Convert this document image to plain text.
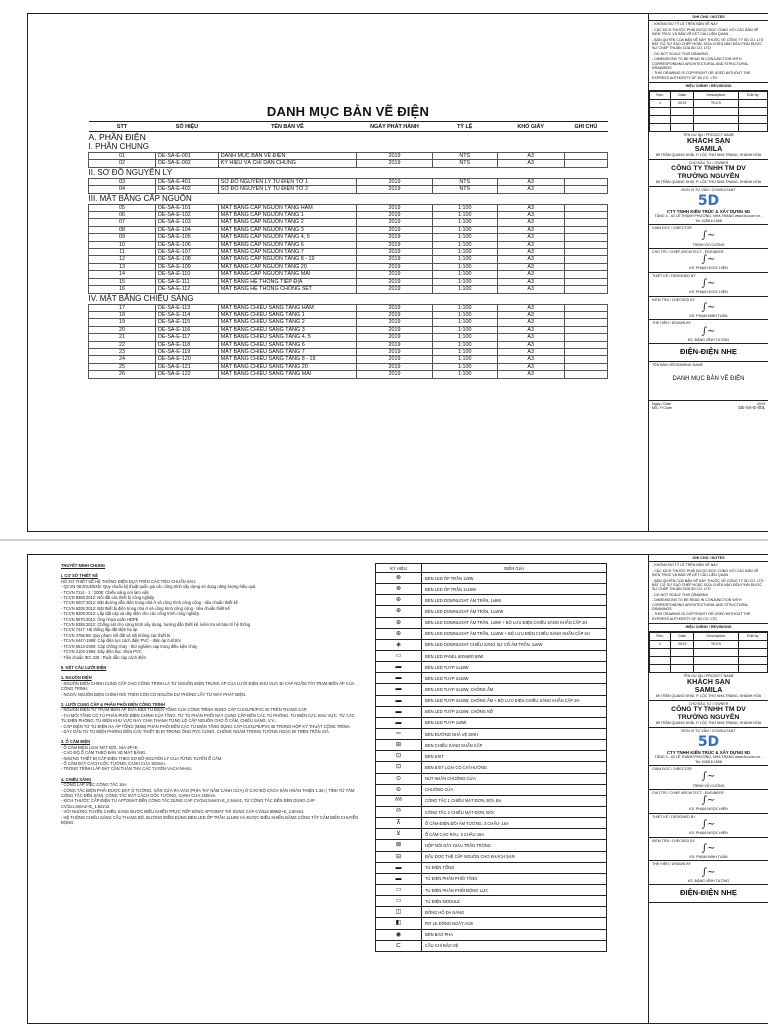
DANH MỤC BẢN VẼ ĐIỆN
STT	SỐ HIỆU	TÊN BẢN VẼ	NGÀY PHÁT HÀNH	TỶ LỆ	KHỔ GIẤY	GHI CHÚ
A. PHẦN ĐIỆN						
I. PHẦN CHUNG						
01	DE-SA-E-001	DANH MỤC BẢN VẼ ĐIỆN	2019	NTS	A3	
02	DE-SA-E-002	KÝ HIỆU VÀ CHỈ DẪN CHUNG	2019	NTS	A3	
II. SƠ ĐỒ NGUYÊN LÝ						
03	DE-SA-E-401	SƠ ĐỒ NGUYÊN LÝ TỦ ĐIỆN TỜ 1	2019	NTS	A3	
04	DE-SA-E-402	SƠ ĐỒ NGUYÊN LÝ TỦ ĐIỆN TỜ 2	2019	NTS	A3	
III. MẶT BẰNG CẤP NGUỒN						
05	DE-SA-E-101	MẶT BẰNG CẤP NGUỒN TẦNG HẦM	2019	1:100	A3	
06	DE-SA-E-102	MẶT BẰNG CẤP NGUỒN TẦNG 1	2019	1:100	A3	
07	DE-SA-E-103	MẶT BẰNG CẤP NGUỒN TẦNG 2	2019	1:100	A3	
08	DE-SA-E-104	MẶT BẰNG CẤP NGUỒN TẦNG 3	2019	1:100	A3	
09	DE-SA-E-105	MẶT BẰNG CẤP NGUỒN TẦNG 4, 5	2019	1:100	A3	
10	DE-SA-E-106	MẶT BẰNG CẤP NGUỒN TẦNG 6	2019	1:100	A3	
11	DE-SA-E-107	MẶT BẰNG CẤP NGUỒN TẦNG 7	2019	1:100	A3	
12	DE-SA-E-108	MẶT BẰNG CẤP NGUỒN TẦNG 8 - 19	2019	1:100	A3	
13	DE-SA-E-109	MẶT BẰNG CẤP NGUỒN TẦNG 20	2019	1:100	A3	
14	DE-SA-E-110	MẶT BẰNG CẤP NGUỒN TẦNG MÁI	2019	1:100	A3	
15	DE-SA-E-111	MẶT BẰNG HỆ THỐNG TIẾP ĐỊA	2019	1:100	A3	
16	DE-SA-E-112	MẶT BẰNG HỆ THỐNG CHỐNG SÉT	2019	1:100	A3	
IV. MẶT BẰNG CHIẾU SÁNG						
17	DE-SA-E-113	MẶT BẰNG CHIẾU SÁNG TẦNG HẦM	2019	1:100	A3	
18	DE-SA-E-114	MẶT BẰNG CHIẾU SÁNG TẦNG 1	2019	1:100	A3	
19	DE-SA-E-115	MẶT BẰNG CHIẾU SÁNG TẦNG 2	2019	1:100	A3	
20	DE-SA-E-116	MẶT BẰNG CHIẾU SÁNG TẦNG 3	2019	1:100	A3	
21	DE-SA-E-117	MẶT BẰNG CHIẾU SÁNG TẦNG 4, 5	2019	1:100	A3	
22	DE-SA-E-118	MẶT BẰNG CHIẾU SÁNG TẦNG 6	2019	1:100	A3	
23	DE-SA-E-119	MẶT BẰNG CHIẾU SÁNG TẦNG 7	2019	1:100	A3	
24	DE-SA-E-120	MẶT BẰNG CHIẾU SÁNG TẦNG 8 - 19	2019	1:100	A3	
25	DE-SA-E-121	MẶT BẰNG CHIẾU SÁNG TẦNG 20	2019	1:100	A3	
26	DE-SA-E-122	MẶT BẰNG CHIẾU SÁNG TẦNG MÁI	2019	1:100	A3	
GHI CHÚ / NOTES

- KHÔNG ĐO TỶ LỆ TRÊN BẢN VẼ NÀY

- CÁC KÍCH THƯỚC PHẢI ĐƯỢC ĐỌC CÙNG VỚI CÁC BẢN VẼ KIẾN TRÚC VÀ BẢN VẼ KẾT CẤU LIÊN QUAN

- BẢN QUYỀN CỦA BẢN VẼ NÀY THUỘC VỀ CÔNG TY 5D CO. LTD BẤT CỨ SỰ SAO CHÉP HOẶC SỬA CHỮA NÀO ĐỀU PHẢI ĐƯỢC SỰ CHẤP THUẬN CỦA 5D CO. LTD

- DO NOT SCALE THIS DRAWING

- DIMENSIONS TO BE READ IN CONJUNCTION WITH CORRESPONDING ARCHITECTURAL AND STRUCTURAL DRAWINGS

- THIS DRAWING IS COPYRIGHT OR USED WITHOUT THE EXPRESS AUTHORITY OF 5D CO. LTD

HIỆU CHỈNH / REVISIONS
Rev.	Date	Description	Edit by
1	2019	TKCS	

TÊN DỰ ÁN / PROJECT NAME
KHÁCH SẠN
SAMILA
89 TRẦN QUANG KHẢI, P. LỘC THỌ NHA TRANG, KHÁNH HÒA
CHỦ ĐẦU TƯ / OWNER
CÔNG TY TNHH TM DV
TRƯỜNG NGUYÊN
89 TRẦN QUANG KHẢI, P. LỘC THỌ NHA TRANG, KHÁNH HÒA
ĐƠN VỊ TƯ VẤN / CONSULTANT
5D
CTY TNHH KIẾN TRÚC & XÂY DỰNG 5D
TẦNG 4 - 02 LÊ THÀNH PHƯƠNG, NHA TRANG www.5d.com.vn - Tel: 0258.6.1558
GIÁM ĐỐC / DIRECTOR
∫∼
TRỊNH VŨ CƯỜNG
CHỦ TRÌ / CHIEF ARCHITECT - ENGINEER
∫∼
KS. PHẠM NGỌC HIỀN
THIẾT KẾ / DESIGNED BY
∫∼
KS. PHẠM NGỌC HIỀN
KIỂM TRA / CHECKED BY
∫∼
KS. PHẠM MINH TUẤN
THỂ HIỆN / DRAWN BY
∫∼
KS. ĐẶNG VĨNH TƯỜNG
ĐIỆN-ĐIỆN NHẸ
TÊN BẢN VẼ/DRAWING NAME
DANH MỤC BẢN VẼ ĐIỆN
Ngày / Date	2019
MS / P.Code	DE-SA-E-001
THUYẾT MINH CHUNG
I. CƠ SỞ THIẾT KẾ

HỒ SƠ THIẾT KẾ HỆ THỐNG ĐIỆN DỰA TRÊN CÁC TIÊU CHUẨN SAU:

- QCVN 09:2013/BXD: Quy chuẩn kỹ thuật quốc gia các công trình xây dựng sử dụng năng lượng hiệu quả.

- TCVN 7114 - 1 : 2008: Chiếu sáng nơi làm việc

- TCVN 9358:2012: Nối đất các thiết bị công nghiệp

- TCVN 9207:2012: Đặt đường dẫn điện trong nhà ở và công trình công cộng - tiêu chuẩn thiết kế

- TCVN 9206:2012: Đặt thiết bị điện trong nhà ở và công trình công cộng - tiêu chuẩn thiết kế

- TCVN 9208:2012: Lắp đặt cáp và dây điện cho các công trình công nghiệp

- TCVN 9070:2012: Ống nhựa xoắn HDPE

- TCVN 9385:2012: Chống sét cho công trình xây dựng, hướng dẫn thiết kế, kiểm tra và bảo trì hệ thống

- TCVN 7447: Hệ thống lắp đặt điện hạ áp

- TCVN 4756:89: Quy phạm nối đất và nối không các thiết bị

- TCVN 6447-1998: Cáp điện lực cách điện PVC - điện áp 0.6/1kV

- TCVN 6613-2000: Cáp chống cháy - thử nghiệm cáp trong điều kiện cháy

- TCVN 2103-1994: Dây điện bọc nhựa PVC

- Tiêu chuẩn IEC 228 : Ruột dẫn cáp cách điện

II. KẾT CẤU LƯỚI ĐIỆN
1. NGUỒN ĐIỆN

- NGUỒN ĐIỆN CHÍNH CUNG CẤP CHO CÔNG TRÌNH LÀ TỪ NGUỒN ĐIỆN TRUNG ÁP CỦA LƯỚI ĐIỆN KHU VỰC ĐI CÁP NGẦM TỚI TRẠM BIẾN ÁP CỦA CÔNG TRÌNH.

- NGOÀI NGUỒN ĐIỆN CHÍNH NÓI TRÊN CÒN CÓ NGUỒN DỰ PHÒNG LẤY TỪ MÁY PHÁT ĐIỆN.

2. LƯỚI CUNG CẤP & PHÂN PHỐI ĐIỆN CÔNG TRÌNH

- NGUỒN ĐIỆN TỪ TRẠM BIẾN ÁP ĐƯA ĐẾN TỦ ĐIỆN TỔNG CỦA CÔNG TRÌNH DÙNG CÁP CU/XLPE/PVC ĐI TRÊN THANG CÁP.

- TẠI MỖI TẦNG CÓ TỦ PHÂN PHỐI ĐIỆN CHÍNH CỦA TẦNG, TỪ TỦ PHÂN PHỐI NÀY CUNG CẤP ĐẾN CÁC TỦ PHÒNG, TỦ ĐIỆN CÁC KHU VỰC. TỪ CÁC TỦ ĐIỆN PHÒNG, TỦ ĐIỆN KHU VỰC NÀY CHIA THÀNH TỪNG LỘ CẤP NGUỒN CHO Ổ CẮM, CHIẾU SÁNG, V.V...

- CÁP ĐIỆN TỪ TỦ ĐIỆN HẠ ÁP TỔNG (MSB) PHÂN PHỐI ĐẾN CÁC TỦ ĐIỆN TẦNG DÙNG CÁP CU/XLPE/PVC ĐI TRONG HỘP KỸ THUẬT CÔNG TRÌNH.

- DÂY DẪN TỪ TỦ ĐIỆN PHÒNG ĐẾN CÁC THIẾT BỊ ĐI TRONG ỐNG PVC CỨNG, CHỐNG NGÀM TRONG TƯỜNG HOẶC ĐI TRÊN TRẦN GIẢ.

3. Ổ CẮM ĐIỆN

- Ổ CẮM ĐIỆN LOẠI MẶT ĐÔI, 16A-2P+E.

- CAO ĐỘ Ổ CẮM THEO BẢN VẼ MẶT BẰNG.

- NHỮNG THIẾT BỊ CẤP ĐIỆN THEO SƠ ĐỒ NGUYÊN LÝ CỦA TỪNG TUYẾN Ổ CẮM.

- Ổ CẮM ĐẶT CÁCH CỐC TƯỜNG, CẠNH CỬA 150mm.

- TRONG TRÌNH LẮP ĐẶT CẦN TUÂN THỦ CÁC TUYẾN VẠCH NHAU.

4. CHIẾU SÁNG

- CÔNG LẮP VIỆC CÔNG TẮC 16A.

- CÔNG TẮC ĐIỆN PHẢI ĐƯỢC ĐẶT Ở TƯỜNG, GẦN CỬA RA VÀO (PHÍA TAY NẮM CÁNH CỬA) Ở CAO ĐỘ CÁCH SÀN HOÀN THIỆN 1.3m ( TÍNH TỪ TÂM CÔNG TẮC ĐẾN SÀN). CÔNG TẮC ĐẶT CÁCH GỐC TƯỜNG, CẠNH CỬA 150mm.

- KÍCH THƯỚC CẤP ĐIỆN TỪ APTOMAT ĐẾN CÔNG TẮC DÙNG CÁP CV/2x2.5mm2+E_2.5mm2, TỪ CÔNG TẮC ĐẾN ĐÈN DÙNG CÁP CV/2x1.5mm2+E_1.5mm2.

- VỚI NHỮNG TUYẾN CHIẾU SÁNG ĐƯỢC ĐIỀU KHIỂN TRỰC TIẾP BẰNG APTOMAT THÌ DÙNG CÁP CV/2x2.5MM2+E_2.5mm2.

- HỆ THỐNG CHIẾU SÁNG CẦU THANG BỘ, ĐƯỜNG ĐIỂM DÙNG ĐÈN LED ỐP TRẦN 1x18W VÀ ĐƯỢC ĐIỀU KHIỂN BẰNG CÔNG TẮT CẢM BIẾN CHUYỂN ĐỘNG.

KÝ HIỆU	DIỄN GIẢI
⊗	ĐÈN LED ỐP TRẦN 1x9W
⊗	ĐÈN LED ỐP TRẦN 1x18W
⊕	ĐÈN LED DOWNLIGHT ÂM TRẦN, 1x6W
⊕	ĐÈN LED DOWNLIGHT ÂM TRẦN, 1x18W
⊕	ĐÈN LED DOWNLIGHT ÂM TRẦN, 1x9W + BỘ LƯU ĐIỆN CHIẾU SÁNG KHẨN CẤP 2H
⊕	ĐÈN LED DOWNLIGHT ÂM TRẦN, 1x18W + BỘ LƯU ĐIỆN CHIẾU SÁNG KHẨN CẤP 2H
◈	ĐÈN LED DOWNLIGHT CHIẾU SÁNG SỰ CỐ ÂM TRẦN, 1x6W
▭	ĐÈN LED PANEL 600x600 50W
▬	ĐÈN LED TUÝP 1x18W
▬	ĐÈN LED TUÝP 2x18W
▬	ĐÈN LED TUÝP 2x18W, CHỐNG ẨM
▬	ĐÈN LED TUÝP 2x18W, CHỐNG ẨM + BỘ LƯU ĐIỆN CHIẾU SÁNG KHẨN CẤP 2H
▬	ĐÈN LED TUÝP 2x18W, CHỐNG NỔ
▬	ĐÈN LED TUÝP 1x9W
═	ĐÈN ĐƯỜNG NHẢ VỆ SINH
⊞	ĐÈN CHIẾU SÁNG KHẨN CẤP
⊡	ĐÈN EXIT
⊡	ĐÈN EXIT LOẠI CÓ CHỈ HƯỚNG
⊙	NÚT NHẤN CHUÔNG CỬA
⊖	CHUÔNG CỬA
ᵟᵟᵟ	CÔNG TẮC 1 CHIỀU MẶT ĐƠN, ĐÔI, BA
ᵟᵟ	CÔNG TẮC 2 CHIỀU MẶT ĐƠN, ĐÔI
⊼	Ổ CẮM ĐIỆN ĐÔI ÂM TƯỜNG, 3 CHẤU- 16A
⊻	Ổ CẮM CẠO RÂU, 3 CHẤU-16A
⊠	HỘP NỐI DÂY GIÁU TRẦN TRÒNG
⊟	ĐẦU ĐỢC THẾ CẤP NGUỒN CHO KHÁCH SẠN
▬	TỦ ĐIỆN TỔNG
▬	TỦ ĐIỆN PHÂN PHỐI TẦNG
▭	TỦ ĐIỆN PHÂN PHỐI ĐỘNG LỰC
▭	TỦ ĐIỆN MODULE
◫	ĐỒNG HỒ ĐA NĂNG
◧	RƠ LE ĐÓNG NGẮT ACB
◉	ĐÈN BÁO PHA
⊏	CẦU CHÌ BẢO VỆ
GHI CHÚ / NOTES

- KHÔNG ĐO TỶ LỆ TRÊN BẢN VẼ NÀY

- CÁC KÍCH THƯỚC PHẢI ĐƯỢC ĐỌC CÙNG VỚI CÁC BẢN VẼ KIẾN TRÚC VÀ BẢN VẼ KẾT CẤU LIÊN QUAN

- BẢN QUYỀN CỦA BẢN VẼ NÀY THUỘC VỀ CÔNG TY 5D CO. LTD BẤT CỨ SỰ SAO CHÉP HOẶC SỬA CHỮA NÀO ĐỀU PHẢI ĐƯỢC SỰ CHẤP THUẬN CỦA 5D CO. LTD

- DO NOT SCALE THIS DRAWING

- DIMENSIONS TO BE READ IN CONJUNCTION WITH CORRESPONDING ARCHITECTURAL AND STRUCTURAL DRAWINGS

- THIS DRAWING IS COPYRIGHT OR USED WITHOUT THE EXPRESS AUTHORITY OF 5D CO. LTD

HIỆU CHỈNH / REVISIONS
Rev.	Date	Description	Edit by
1	2019	TKCS	

TÊN DỰ ÁN / PROJECT NAME
KHÁCH SẠN
SAMILA
89 TRẦN QUANG KHẢI, P. LỘC THỌ NHA TRANG, KHÁNH HÒA
CHỦ ĐẦU TƯ / OWNER
CÔNG TY TNHH TM DV
TRƯỜNG NGUYÊN
89 TRẦN QUANG KHẢI, P. LỘC THỌ NHA TRANG, KHÁNH HÒA
ĐƠN VỊ TƯ VẤN / CONSULTANT
5D
CTY TNHH KIẾN TRÚC & XÂY DỰNG 5D
TẦNG 4 - 02 LÊ THÀNH PHƯƠNG, NHA TRANG www.5d.com.vn - Tel: 0258.6.1558
GIÁM ĐỐC / DIRECTOR
∫∼
TRỊNH VŨ CƯỜNG
CHỦ TRÌ / CHIEF ARCHITECT - ENGINEER
∫∼
KS. PHẠM NGỌC HIỀN
THIẾT KẾ / DESIGNED BY
∫∼
KS. PHẠM NGỌC HIỀN
KIỂM TRA / CHECKED BY
∫∼
KS. PHẠM MINH TUẤN
THỂ HIỆN / DRAWN BY
∫∼
KS. ĐẶNG VĨNH TƯỜNG
ĐIỆN-ĐIỆN NHẸ
